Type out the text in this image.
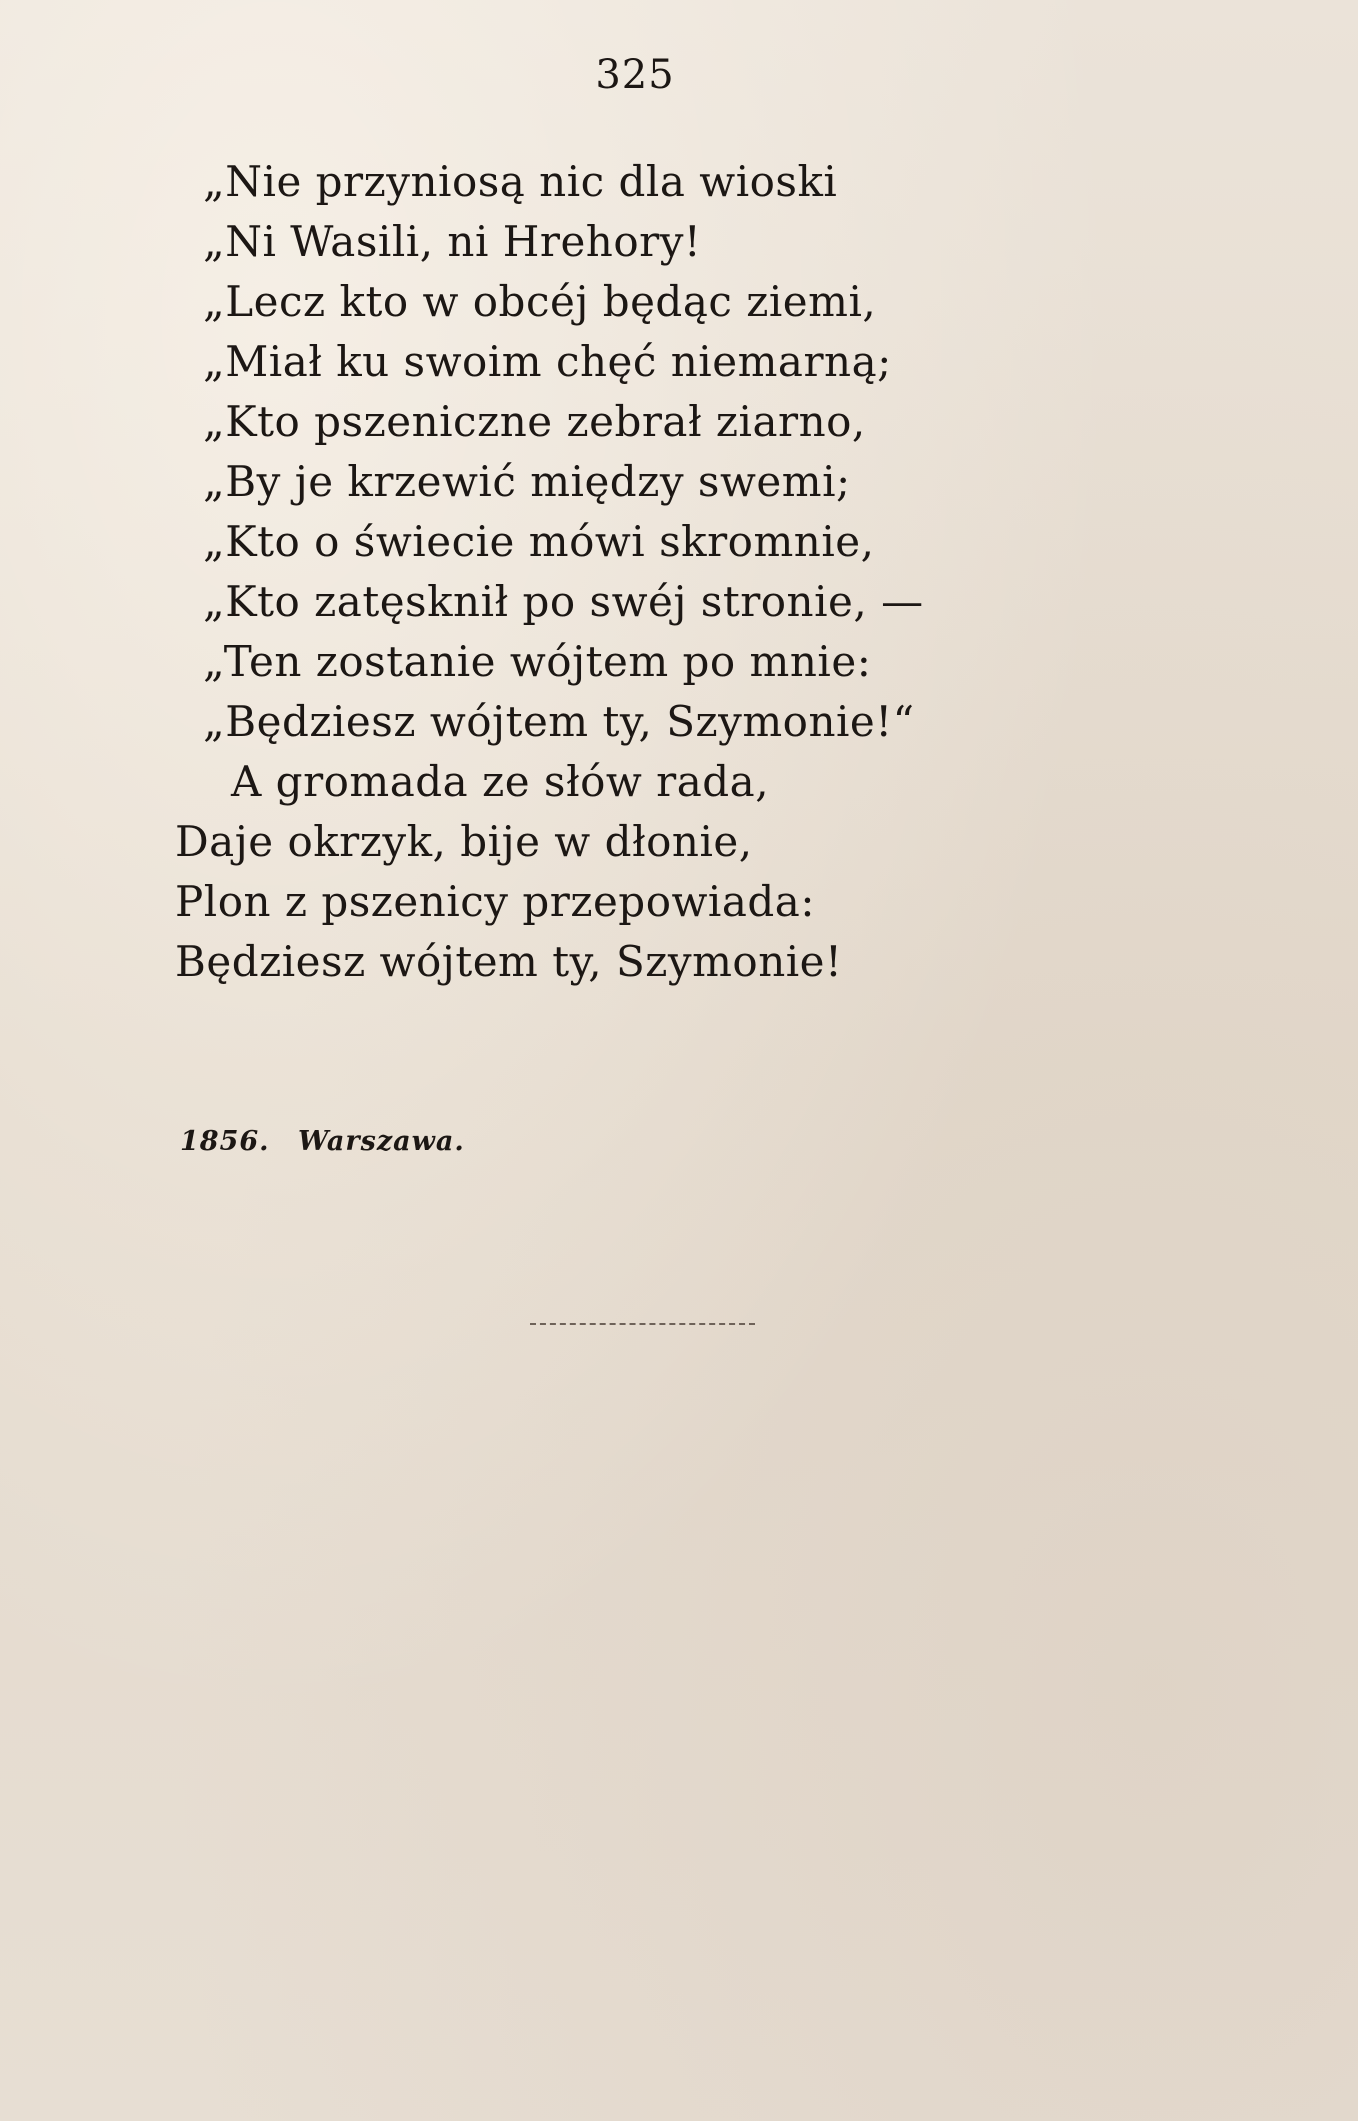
325
„Nie przyniosą nic dla wioski
„Ni Wasili, ni Hrehory!
„Lecz kto w obcéj będąc ziemi,
„Miał ku swoim chęć niemarną;
„Kto pszeniczne zebrał ziarno,
„By je krzewić między swemi;
„Kto o świecie mówi skromnie,
„Kto zatęsknił po swéj stronie, —
„Ten zostanie wójtem po mnie:
„Będziesz wójtem ty, Szymonie!“
A gromada ze słów rada,
Daje okrzyk, bije w dłonie,
Plon z pszenicy przepowiada:
Będziesz wójtem ty, Szymonie!
1856. Warszawa.
